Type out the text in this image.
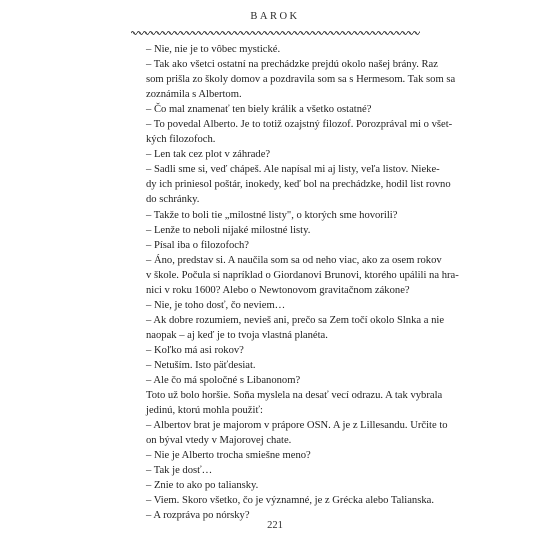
BAROK
– Nie, nie je to vôbec mystické.
– Tak ako všetci ostatní na prechádzke prejdú okolo našej brány. Raz
som prišla zo školy domov a pozdravila som sa s Hermesom. Tak som sa
zoznámila s Albertom.
– Čo mal znamenať ten biely králik a všetko ostatné?
– To povedal Alberto. Je to totiž ozajstný filozof. Porozprával mi o všet-
kých filozofoch.
– Len tak cez plot v záhrade?
– Sadli sme si, veď chápeš. Ale napísal mi aj listy, veľa listov. Nieke-
dy ich priniesol poštár, inokedy, keď bol na prechádzke, hodil list rovno
do schránky.
– Takže to boli tie „milostné listy", o ktorých sme hovorili?
– Lenže to neboli nijaké milostné listy.
– Písal iba o filozofoch?
– Áno, predstav si. A naučila som sa od neho viac, ako za osem rokov
v škole. Počula si napríklad o Giordanovi Brunovi, ktorého upálili na hra-
nici v roku 1600? Alebo o Newtonovom gravitačnom zákone?
– Nie, je toho dosť, čo neviem…
– Ak dobre rozumiem, nevieš ani, prečo sa Zem točí okolo Slnka a nie
naopak – aj keď je to tvoja vlastná planéta.
– Koľko má asi rokov?
– Netuším. Isto päťdesiat.
– Ale čo má spoločné s Libanonom?
Toto už bolo horšie. Soňa myslela na desať vecí odrazu. A tak vybrala
jedinú, ktorú mohla použiť:
– Albertov brat je majorom v prápore OSN. A je z Lillesandu. Určite to
on býval vtedy v Majorovej chate.
– Nie je Alberto trocha smiešne meno?
– Tak je dosť…
– Znie to ako po taliansky.
– Viem. Skoro všetko, čo je významné, je z Grécka alebo Talianska.
– A rozpráva po nórsky?
221
